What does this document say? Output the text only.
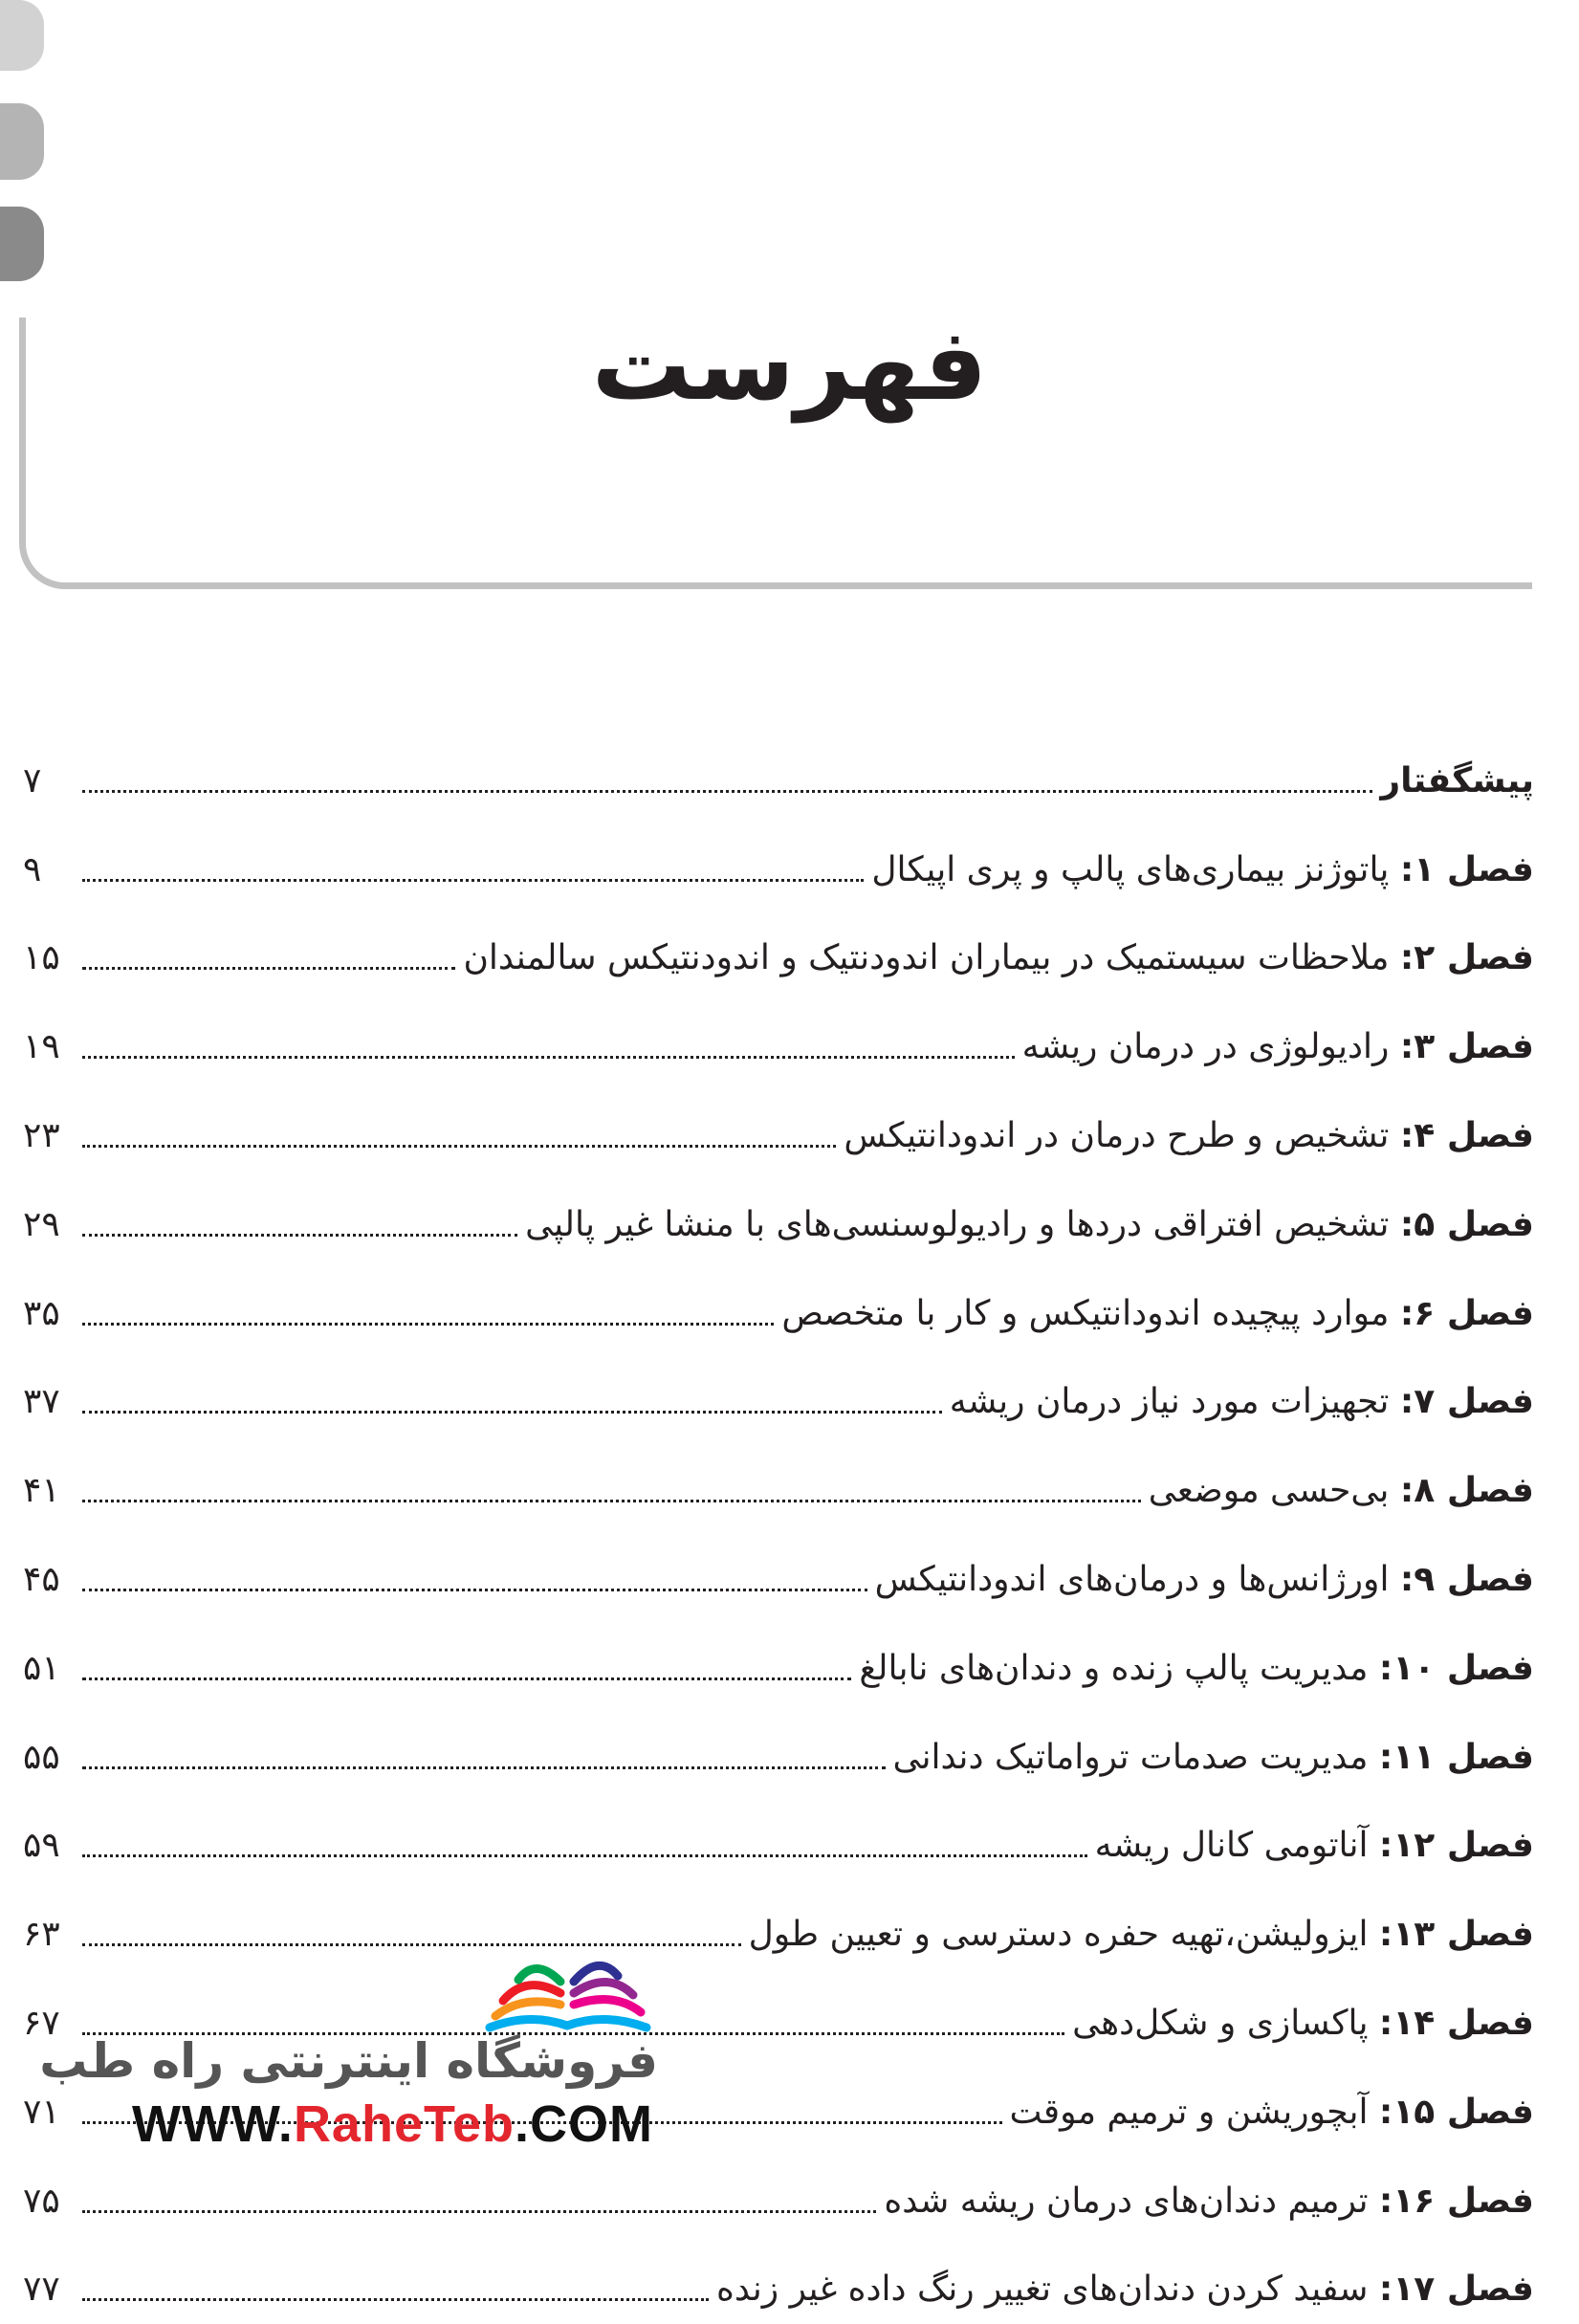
فهرست
پیشگفتار
۷
فصل ۱: پاتوژنز بیماری‌های پالپ و پری اپیکال
۹
فصل ۲: ملاحظات سیستمیک در بیماران اندودنتیک و اندودنتیکس سالمندان
۱۵
فصل ۳: رادیولوژی در درمان ریشه
۱۹
فصل ۴: تشخیص و طرح درمان در اندودانتیکس
۲۳
فصل ۵: تشخیص افتراقی دردها و رادیولوسنسی‌های با منشا غیر پالپی
۲۹
فصل ۶: موارد پیچیده اندودانتیکس و کار با متخصص
۳۵
فصل ۷: تجهیزات مورد نیاز درمان ریشه
۳۷
فصل ۸: بی‌حسی موضعی
۴۱
فصل ۹: اورژانس‌ها و درمان‌های اندودانتیکس
۴۵
فصل ۱۰: مدیریت پالپ زنده و دندان‌های نابالغ
۵۱
فصل ۱۱: مدیریت صدمات ترواماتیک دندانی
۵۵
فصل ۱۲: آناتومی کانال ریشه
۵۹
فصل ۱۳: ایزولیشن،تهیه حفره دسترسی و تعیین طول
۶۳
فصل ۱۴: پاکسازی و شکل‌دهی
۶۷
فصل ۱۵: آبچوریشن و ترمیم موقت
۷۱
فصل ۱۶: ترمیم دندان‌های درمان ریشه شده
۷۵
فصل ۱۷: سفید کردن دندان‌های تغییر رنگ داده غیر زنده
۷۷
فروشگاه اینترنتی راه طب
WWW.RaheTeb.COM
